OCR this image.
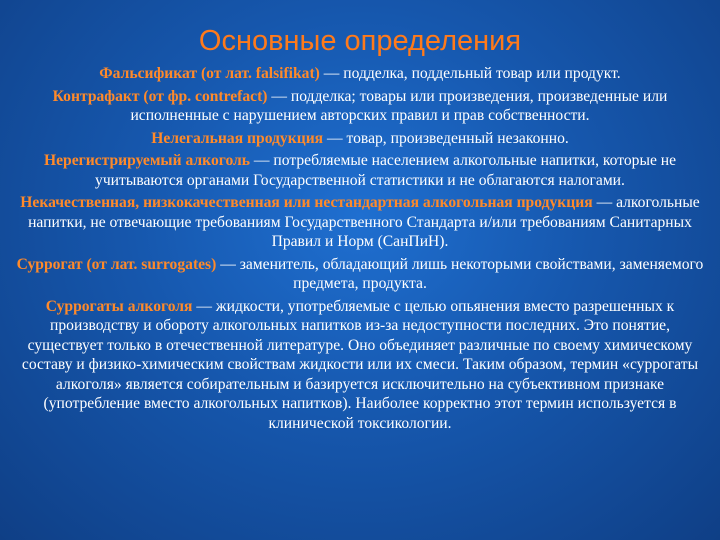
Основные определения

Фальсификат (от лат. falsifikat) — подделка, поддельный товар или продукт.

Контрафакт (от фр. contrefact) — подделка; товары или произведения, произведенные или исполненные с нарушением авторских правил и прав собственности.

Нелегальная продукция — товар, произведенный незаконно.

Нерегистрируемый алкоголь — потребляемые населением алкогольные напитки, которые не учитываются органами Государственной статистики и не облагаются налогами.

Некачественная, низкокачественная или нестандартная алкогольная продукция — алкогольные напитки, не отвечающие требованиям Государственного Стандарта и/или требованиям Санитарных Правил и Норм (СанПиН).

Суррогат (от лат. surrogates) — заменитель, обладающий лишь некоторыми свойствами, заменяемого предмета, продукта.

Суррогаты алкоголя — жидкости, употребляемые с целью опьянения вместо разрешенных к производству и обороту алкогольных напитков из-за недоступности последних. Это понятие, существует только в отечественной литературе. Оно объединяет различные по своему химическому составу и физико-химическим свойствам жидкости или их смеси. Таким образом, термин «суррогаты алкоголя» является собирательным и базируется исключительно на субъективном признаке (употребление вместо алкогольных напитков). Наиболее корректно этот термин используется в клинической токсикологии.
